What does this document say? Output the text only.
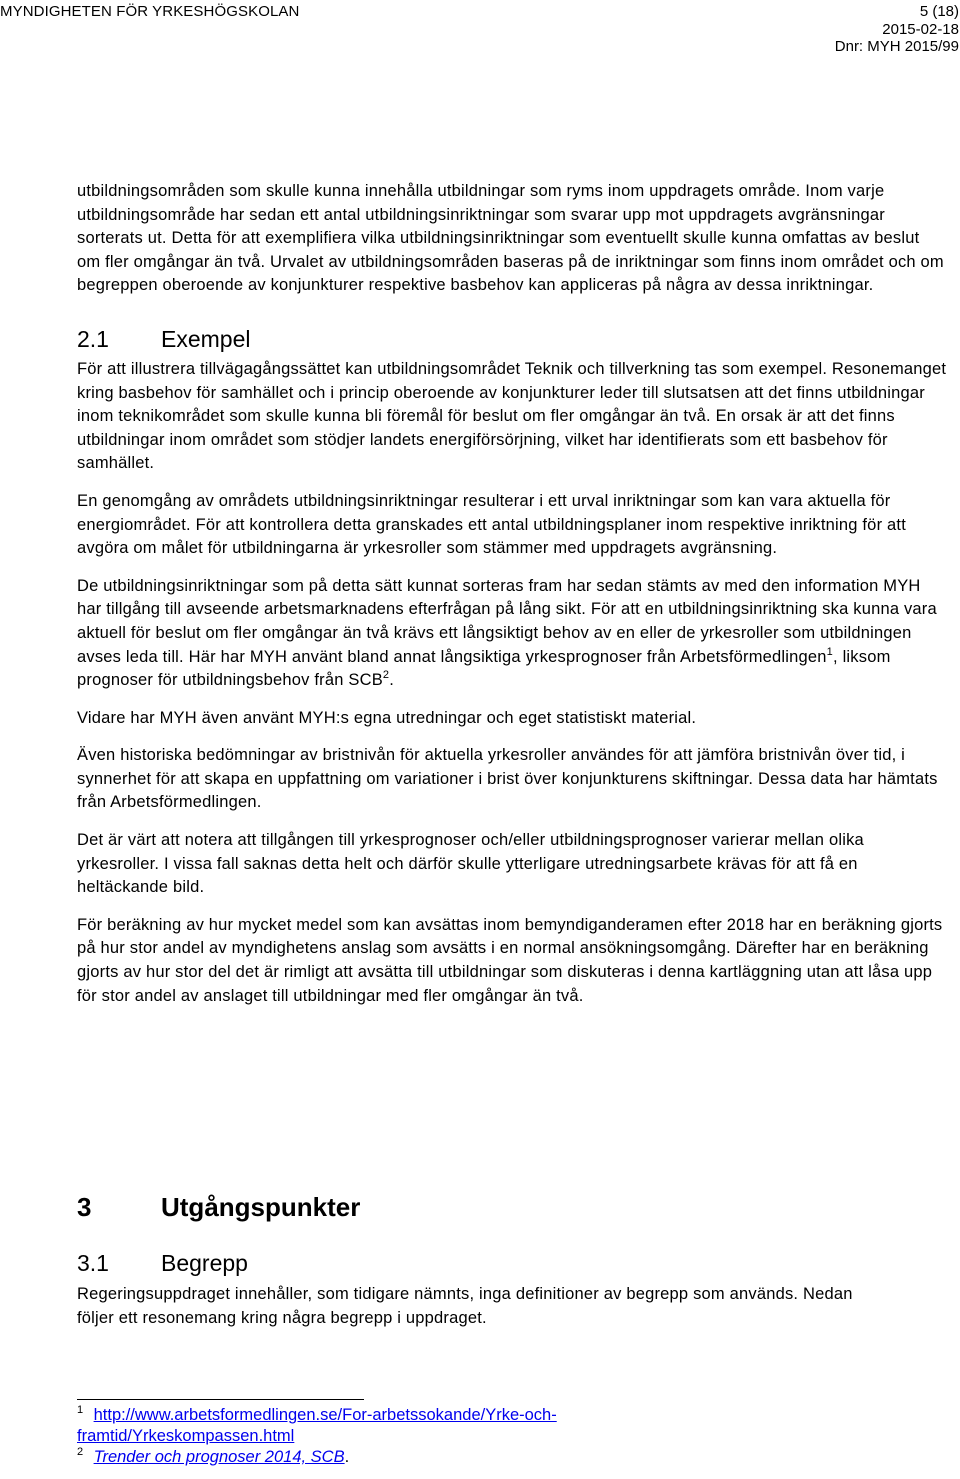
MYNDIGHETEN FÖR YRKESHÖGSKOLAN	5 (18)
2015-02-18
Dnr: MYH 2015/99

utbildningsområden som skulle kunna innehålla utbildningar som ryms inom uppdragets område. Inom varje utbildningsområde har sedan ett antal utbildningsinriktningar som svarar upp mot uppdragets avgränsningar sorterats ut. Detta för att exemplifiera vilka utbildningsinriktningar som eventuellt skulle kunna omfattas av beslut om fler omgångar än två. Urvalet av utbildningsområden baseras på de inriktningar som finns inom området och om begreppen oberoende av konjunkturer respektive basbehov kan appliceras på några av dessa inriktningar.

2.1 Exempel

För att illustrera tillvägagångssättet kan utbildningsområdet Teknik och tillverkning tas som exempel. Resonemanget kring basbehov för samhället och i princip oberoende av konjunkturer leder till slutsatsen att det finns utbildningar inom teknikområdet som skulle kunna bli föremål för beslut om fler omgångar än två. En orsak är att det finns utbildningar inom området som stödjer landets energiförsörjning, vilket har identifierats som ett basbehov för samhället.

En genomgång av områdets utbildningsinriktningar resulterar i ett urval inriktningar som kan vara aktuella för energiområdet. För att kontrollera detta granskades ett antal utbildningsplaner inom respektive inriktning för att avgöra om målet för utbildningarna är yrkesroller som stämmer med uppdragets avgränsning.

De utbildningsinriktningar som på detta sätt kunnat sorteras fram har sedan stämts av med den information MYH har tillgång till avseende arbetsmarknadens efterfrågan på lång sikt. För att en utbildningsinriktning ska kunna vara aktuell för beslut om fler omgångar än två krävs ett långsiktigt behov av en eller de yrkesroller som utbildningen avses leda till. Här har MYH använt bland annat långsiktiga yrkesprognoser från Arbetsförmedlingen$^1$, liksom prognoser för utbildningsbehov från SCB$^2$.

Vidare har MYH även använt MYH:s egna utredningar och eget statistiskt material.

Även historiska bedömningar av bristnivån för aktuella yrkesroller användes för att jämföra bristnivån över tid, i synnerhet för att skapa en uppfattning om variationer i brist över konjunkturens skiftningar. Dessa data har hämtats från Arbetsförmedlingen.

Det är värt att notera att tillgången till yrkesprognoser och/eller utbildningsprognoser varierar mellan olika yrkesroller. I vissa fall saknas detta helt och därför skulle ytterligare utredningsarbete krävas för att få en heltäckande bild.

För beräkning av hur mycket medel som kan avsättas inom bemyndiganderamen efter 2018 har en beräkning gjorts på hur stor andel av myndighetens anslag som avsätts i en normal ansökningsomgång. Därefter har en beräkning gjorts av hur stor del det är rimligt att avsätta till utbildningar som diskuteras i denna kartläggning utan att låsa upp för stor andel av anslaget till utbildningar med fler omgångar än två.

3	Utgångspunkter
3.1 Begrepp

Regeringsuppdraget innehåller, som tidigare nämnts, inga definitioner av begrepp som används. Nedan följer ett resonemang kring några begrepp i uppdraget.

1 http://www.arbetsformedlingen.se/For-arbetssokande/Yrke-och-
framtid/Yrkeskompassen.html
2 Trender och prognoser 2014, SCB.
